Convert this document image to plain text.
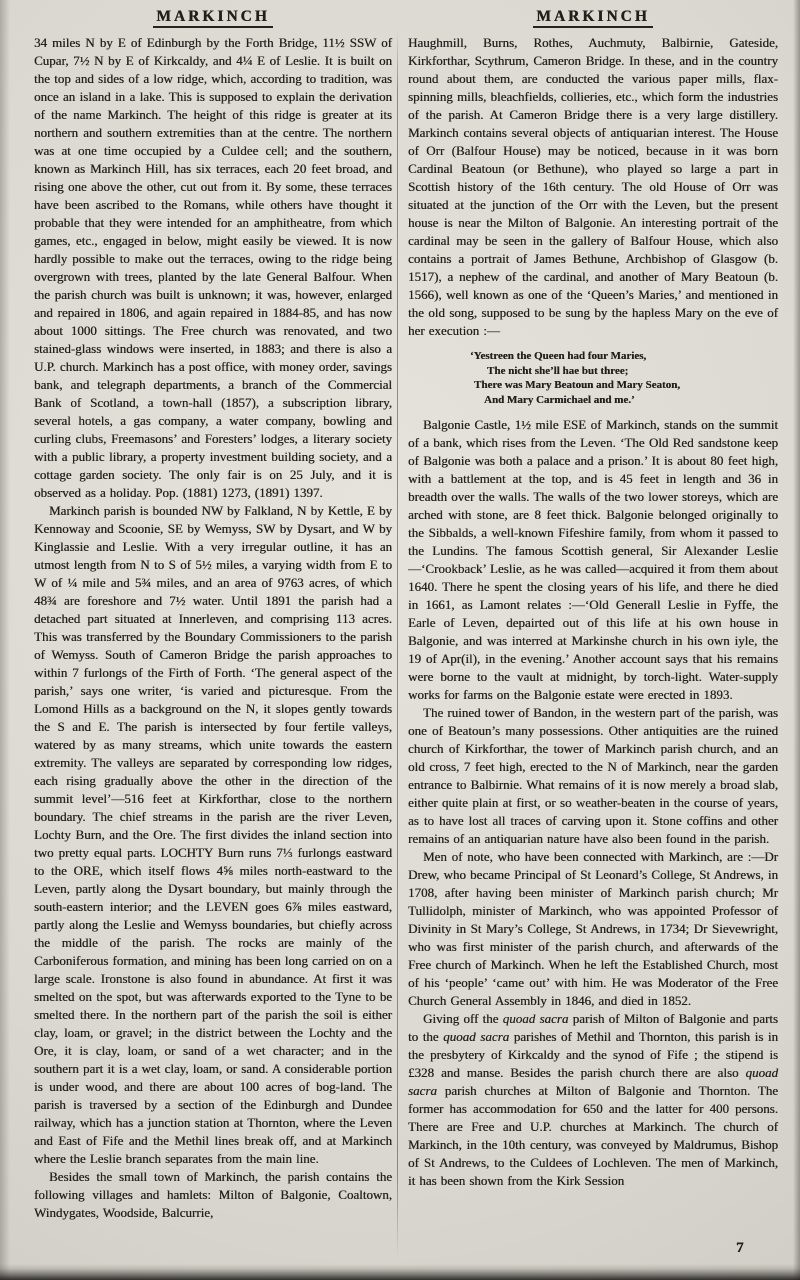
MARKINCH

34 miles N by E of Edinburgh by the Forth Bridge, 11½ SSW of Cupar, 7½ N by E of Kirkcaldy, and 4¼ E of Leslie. It is built on the top and sides of a low ridge, which, according to tradition, was once an island in a lake. This is supposed to explain the derivation of the name Markinch. The height of this ridge is greater at its northern and southern extremities than at the centre. The northern was at one time occupied by a Culdee cell; and the southern, known as Markinch Hill, has six terraces, each 20 feet broad, and rising one above the other, cut out from it. By some, these terraces have been ascribed to the Romans, while others have thought it probable that they were intended for an amphitheatre, from which games, etc., engaged in below, might easily be viewed. It is now hardly possible to make out the terraces, owing to the ridge being overgrown with trees, planted by the late General Balfour. When the parish church was built is unknown; it was, however, enlarged and repaired in 1806, and again repaired in 1884-85, and has now about 1000 sittings. The Free church was renovated, and two stained-glass windows were inserted, in 1883; and there is also a U.P. church. Markinch has a post office, with money order, savings bank, and telegraph departments, a branch of the Commercial Bank of Scotland, a town-hall (1857), a subscription library, several hotels, a gas company, a water company, bowling and curling clubs, Freemasons’ and Foresters’ lodges, a literary society with a public library, a property investment building society, and a cottage garden society. The only fair is on 25 July, and it is observed as a holiday. Pop. (1881) 1273, (1891) 1397.

Markinch parish is bounded NW by Falkland, N by Kettle, E by Kennoway and Scoonie, SE by Wemyss, SW by Dysart, and W by Kinglassie and Leslie. With a very irregular outline, it has an utmost length from N to S of 5½ miles, a varying width from E to W of ¼ mile and 5¾ miles, and an area of 9763 acres, of which 48¾ are foreshore and 7½ water. Until 1891 the parish had a detached part situated at Innerleven, and comprising 113 acres. This was transferred by the Boundary Commissioners to the parish of Wemyss. South of Cameron Bridge the parish approaches to within 7 furlongs of the Firth of Forth. ‘The general aspect of the parish,’ says one writer, ‘is varied and picturesque. From the Lomond Hills as a background on the N, it slopes gently towards the S and E. The parish is intersected by four fertile valleys, watered by as many streams, which unite towards the eastern extremity. The valleys are separated by corresponding low ridges, each rising gradually above the other in the direction of the summit level’—516 feet at Kirkforthar, close to the northern boundary. The chief streams in the parish are the river Leven, Lochty Burn, and the Ore. The first divides the inland section into two pretty equal parts. LOCHTY Burn runs 7⅓ furlongs eastward to the ORE, which itself flows 4⅝ miles north-eastward to the Leven, partly along the Dysart boundary, but mainly through the south-eastern interior; and the LEVEN goes 6⅞ miles eastward, partly along the Leslie and Wemyss boundaries, but chiefly across the middle of the parish. The rocks are mainly of the Carboniferous formation, and mining has been long carried on on a large scale. Ironstone is also found in abundance. At first it was smelted on the spot, but was afterwards exported to the Tyne to be smelted there. In the northern part of the parish the soil is either clay, loam, or gravel; in the district between the Lochty and the Ore, it is clay, loam, or sand of a wet character; and in the southern part it is a wet clay, loam, or sand. A considerable portion is under wood, and there are about 100 acres of bog-land. The parish is traversed by a section of the Edinburgh and Dundee railway, which has a junction station at Thornton, where the Leven and East of Fife and the Methil lines break off, and at Markinch where the Leslie branch separates from the main line.

Besides the small town of Markinch, the parish contains the following villages and hamlets: Milton of Balgonie, Coaltown, Windygates, Woodside, Balcurrie,

MARKINCH

Haughmill, Burns, Rothes, Auchmuty, Balbirnie, Gateside, Kirkforthar, Scythrum, Cameron Bridge. In these, and in the country round about them, are conducted the various paper mills, flax-spinning mills, bleachfields, collieries, etc., which form the industries of the parish. At Cameron Bridge there is a very large distillery. Markinch contains several objects of antiquarian interest. The House of Orr (Balfour House) may be noticed, because in it was born Cardinal Beatoun (or Bethune), who played so large a part in Scottish history of the 16th century. The old House of Orr was situated at the junction of the Orr with the Leven, but the present house is near the Milton of Balgonie. An interesting portrait of the cardinal may be seen in the gallery of Balfour House, which also contains a portrait of James Bethune, Archbishop of Glasgow (b. 1517), a nephew of the cardinal, and another of Mary Beatoun (b. 1566), well known as one of the ‘Queen’s Maries,’ and mentioned in the old song, supposed to be sung by the hapless Mary on the eve of her execution :—

‘Yestreen the Queen had four Maries,
The nicht she’ll hae but three;
There was Mary Beatoun and Mary Seaton,
And Mary Carmichael and me.’

Balgonie Castle, 1½ mile ESE of Markinch, stands on the summit of a bank, which rises from the Leven. ‘The Old Red sandstone keep of Balgonie was both a palace and a prison.’ It is about 80 feet high, with a battlement at the top, and is 45 feet in length and 36 in breadth over the walls. The walls of the two lower storeys, which are arched with stone, are 8 feet thick. Balgonie belonged originally to the Sibbalds, a well-known Fifeshire family, from whom it passed to the Lundins. The famous Scottish general, Sir Alexander Leslie—‘Crookback’ Leslie, as he was called—acquired it from them about 1640. There he spent the closing years of his life, and there he died in 1661, as Lamont relates :—‘Old Generall Leslie in Fyffe, the Earle of Leven, depairted out of this life at his own house in Balgonie, and was interred at Markinshe church in his own iyle, the 19 of Apr(il), in the evening.’ Another account says that his remains were borne to the vault at midnight, by torch-light. Water-supply works for farms on the Balgonie estate were erected in 1893.

The ruined tower of Bandon, in the western part of the parish, was one of Beatoun’s many possessions. Other antiquities are the ruined church of Kirkforthar, the tower of Markinch parish church, and an old cross, 7 feet high, erected to the N of Markinch, near the garden entrance to Balbirnie. What remains of it is now merely a broad slab, either quite plain at first, or so weather-beaten in the course of years, as to have lost all traces of carving upon it. Stone coffins and other remains of an antiquarian nature have also been found in the parish.

Men of note, who have been connected with Markinch, are :—Dr Drew, who became Principal of St Leonard’s College, St Andrews, in 1708, after having been minister of Markinch parish church; Mr Tullidolph, minister of Markinch, who was appointed Professor of Divinity in St Mary’s College, St Andrews, in 1734; Dr Sievewright, who was first minister of the parish church, and afterwards of the Free church of Markinch. When he left the Established Church, most of his ‘people’ ‘came out’ with him. He was Moderator of the Free Church General Assembly in 1846, and died in 1852.

Giving off the quoad sacra parish of Milton of Balgonie and parts to the quoad sacra parishes of Methil and Thornton, this parish is in the presbytery of Kirkcaldy and the synod of Fife ; the stipend is £328 and manse. Besides the parish church there are also quoad sacra parish churches at Milton of Balgonie and Thornton. The former has accommodation for 650 and the latter for 400 persons. There are Free and U.P. churches at Markinch. The church of Markinch, in the 10th century, was conveyed by Maldrumus, Bishop of St Andrews, to the Culdees of Lochleven. The men of Markinch, it has been shown from the Kirk Session

7
